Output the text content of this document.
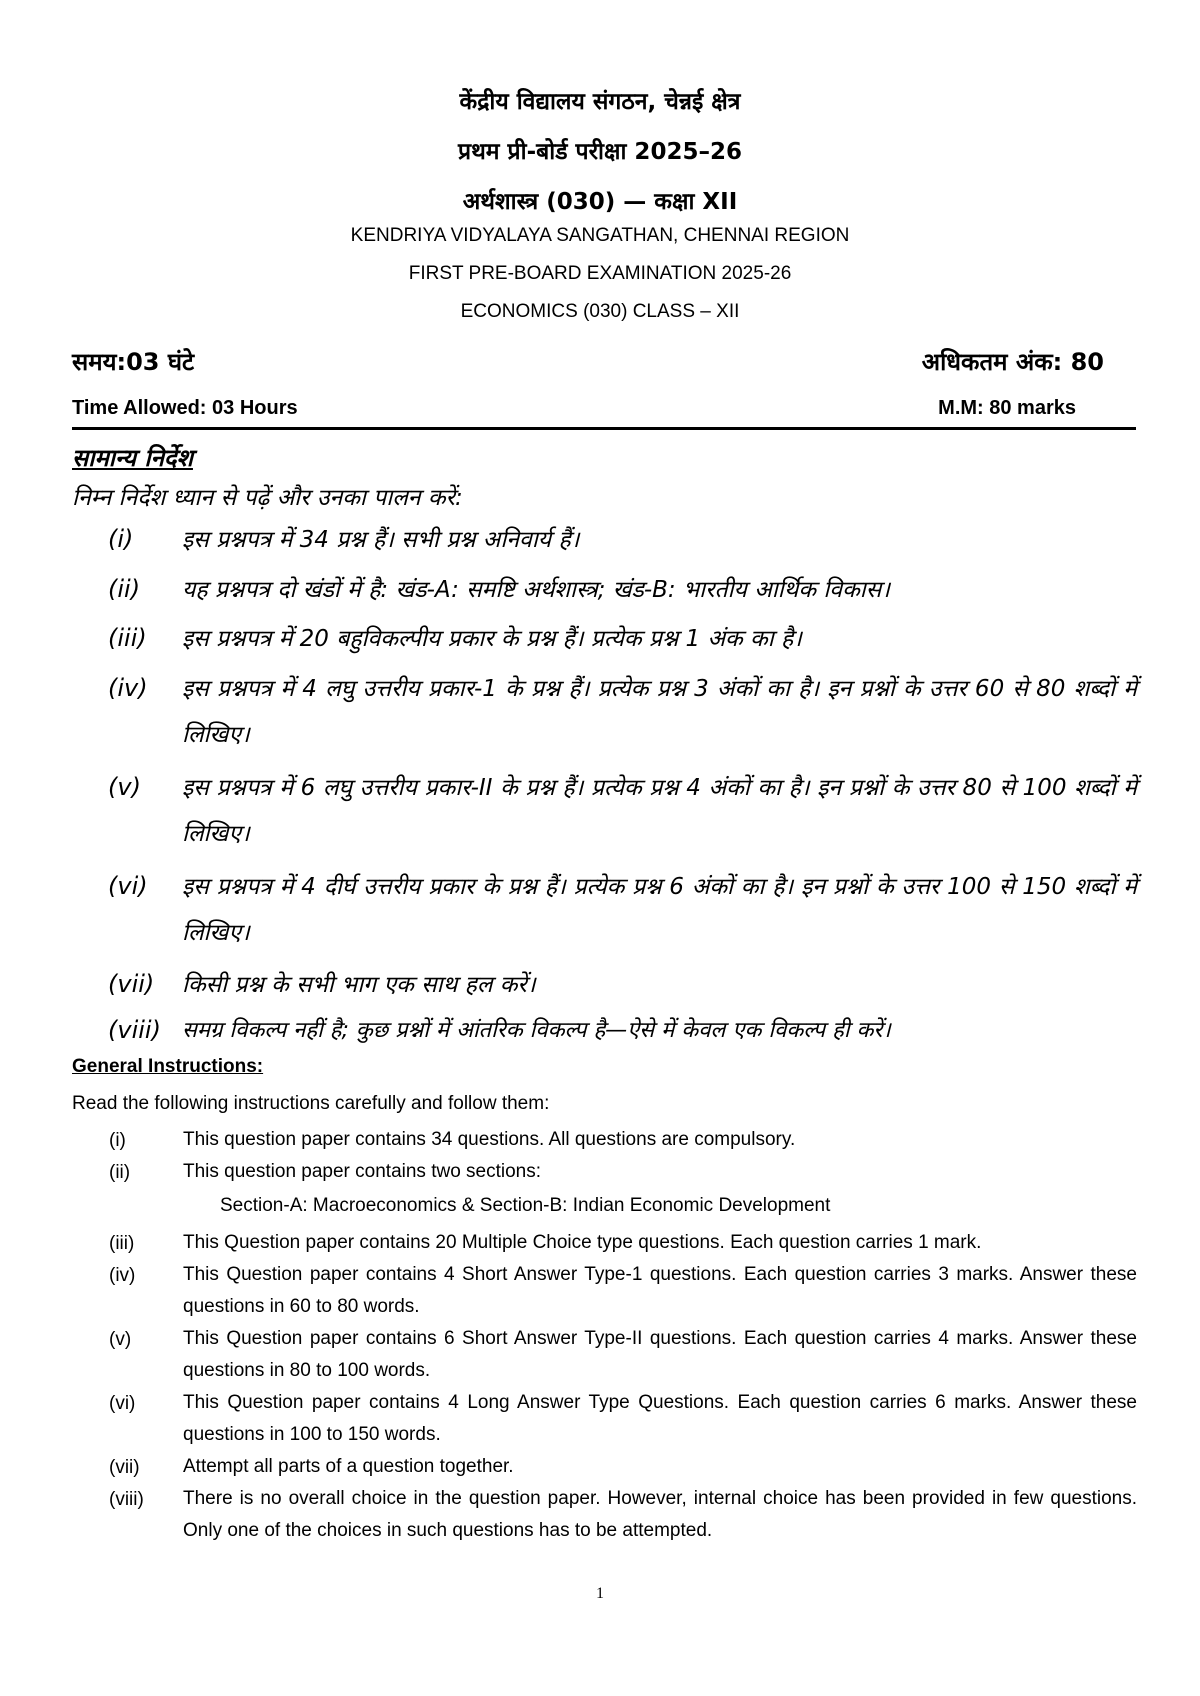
केंद्रीय विद्यालय संगठन, चेन्नई क्षेत्र
प्रथम प्री-बोर्ड परीक्षा 2025–26
अर्थशास्त्र (030) — कक्षा XII
KENDRIYA VIDYALAYA SANGATHAN, CHENNAI REGION
FIRST PRE-BOARD EXAMINATION 2025-26
ECONOMICS (030) CLASS – XII
समय:03 घंटे	अधिकतम अंक: 80
Time Allowed: 03 Hours	M.M: 80 marks
सामान्य निर्देश
निम्न निर्देश ध्यान से पढ़ें और उनका पालन करें:
(i) इस प्रश्नपत्र में 34 प्रश्न हैं। सभी प्रश्न अनिवार्य हैं।
(ii) यह प्रश्नपत्र दो खंडों में है: खंड-A: समष्टि अर्थशास्त्र; खंड-B: भारतीय आर्थिक विकास।
(iii) इस प्रश्नपत्र में 20 बहुविकल्पीय प्रकार के प्रश्न हैं। प्रत्येक प्रश्न 1 अंक का है।
(iv) इस प्रश्नपत्र में 4 लघु उत्तरीय प्रकार-1 के प्रश्न हैं। प्रत्येक प्रश्न 3 अंकों का है। इन प्रश्नों के उत्तर 60 से 80 शब्दों में लिखिए।
(v) इस प्रश्नपत्र में 6 लघु उत्तरीय प्रकार-II के प्रश्न हैं। प्रत्येक प्रश्न 4 अंकों का है। इन प्रश्नों के उत्तर 80 से 100 शब्दों में लिखिए।
(vi) इस प्रश्नपत्र में 4 दीर्घ उत्तरीय प्रकार के प्रश्न हैं। प्रत्येक प्रश्न 6 अंकों का है। इन प्रश्नों के उत्तर 100 से 150 शब्दों में लिखिए।
(vii) किसी प्रश्न के सभी भाग एक साथ हल करें।
(viii) समग्र विकल्प नहीं है; कुछ प्रश्नों में आंतरिक विकल्प है—ऐसे में केवल एक विकल्प ही करें।
General Instructions:
Read the following instructions carefully and follow them:
(i)	This question paper contains 34 questions. All questions are compulsory.
(ii)	This question paper contains two sections:
Section-A: Macroeconomics & Section-B: Indian Economic Development
(iii)	This Question paper contains 20 Multiple Choice type questions. Each question carries 1 mark.
(iv)	This Question paper contains 4 Short Answer Type-1 questions. Each question carries 3 marks. Answer these questions in 60 to 80 words.
(v)	This Question paper contains 6 Short Answer Type-II questions. Each question carries 4 marks. Answer these questions in 80 to 100 words.
(vi)	This Question paper contains 4 Long Answer Type Questions. Each question carries 6 marks. Answer these questions in 100 to 150 words.
(vii) Attempt all parts of a question together.
(viii) There is no overall choice in the question paper. However, internal choice has been provided in few questions. Only one of the choices in such questions has to be attempted.
1
